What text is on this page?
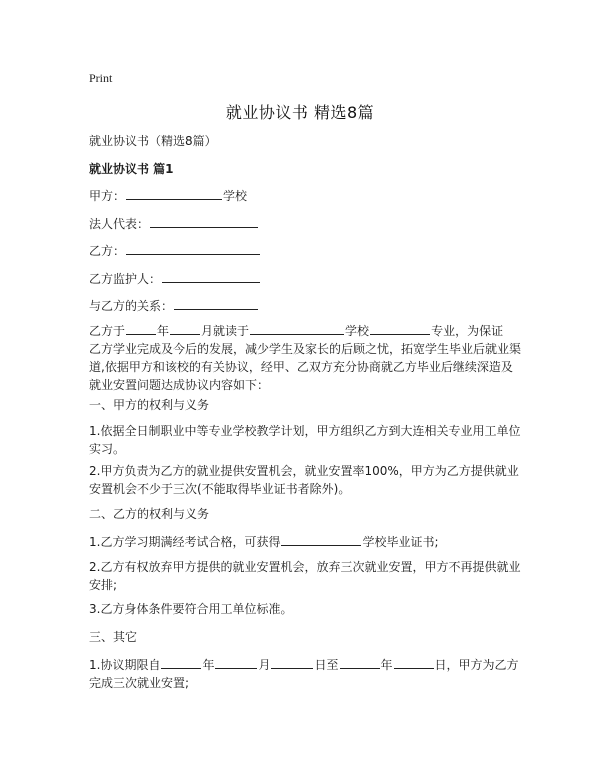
Print
就业协议书 精选8篇
就业协议书（精选8篇）
就业协议书 篇1
甲方：	学校
法人代表：
乙方：
乙方监护人：
与乙方的关系：
乙方于	年	月就读于	学校	专业，为保证
乙方学业完成及今后的发展，减少学生及家长的后顾之忧，拓宽学生毕业后就业渠
道,依据甲方和该校的有关协议，经甲、乙双方充分协商就乙方毕业后继续深造及
就业安置问题达成协议内容如下：
一、甲方的权利与义务
1.依据全日制职业中等专业学校教学计划，甲方组织乙方到大连相关专业用工单位
实习。
2.甲方负责为乙方的就业提供安置机会，就业安置率100%，甲方为乙方提供就业
安置机会不少于三次(不能取得毕业证书者除外)。
二、乙方的权利与义务
1.乙方学习期满经考试合格，可获得	学校毕业证书;
2.乙方有权放弃甲方提供的就业安置机会，放弃三次就业安置，甲方不再提供就业
安排;
3.乙方身体条件要符合用工单位标准。
三、其它
1.协议期限自	年	月	日至	年	日，甲方为乙方
完成三次就业安置;
